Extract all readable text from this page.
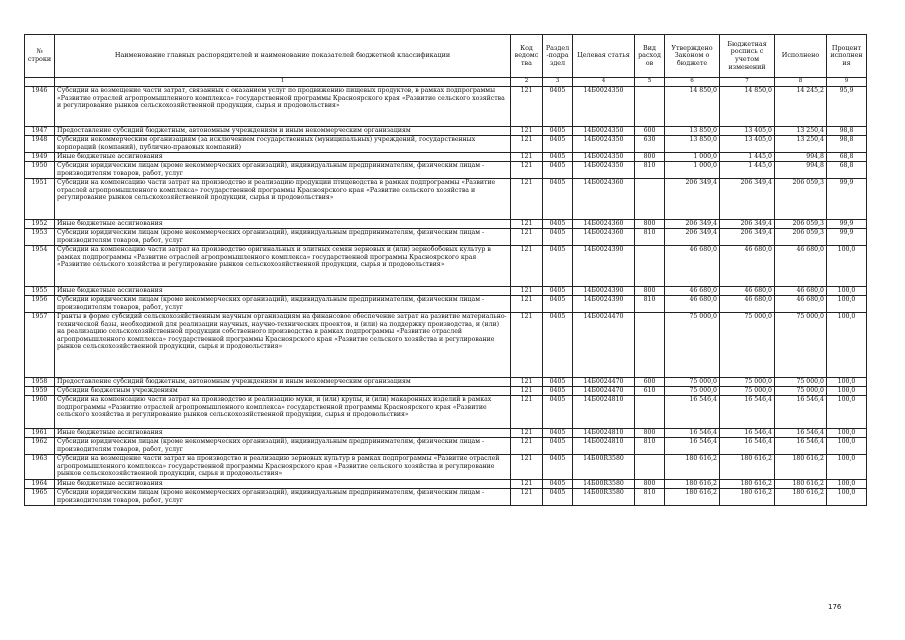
№ строки	Наименование главных распорядителей и наименование показателей бюджетной классификации	Код ведомства	Раздел-подраздел	Целевая статья	Вид расходов	Утверждено Законом о бюджете	Бюджетная роспись с учетом изменений	Исполнено	Процент исполнения
	1	2	3	4	5	6	7	8	9
1946	Субсидии на возмещение части затрат, связанных с оказанием услуг по продвижению пищевых продуктов, в рамках подпрограммы «Развитие отраслей агропромышленного комплекса» государственной программы Красноярского края «Развитие сельского хозяйства и регулирование рынков сельскохозяйственной продукции, сырья и продовольствия»	121	0405	14Б0024350		14 850,0	14 850,0	14 245,2	95,9
1947	Предоставление субсидий бюджетным, автономным учреждениям и иным некоммерческим организациям	121	0405	14Б0024350	600	13 850,0	13 405,0	13 250,4	98,8
1948	Субсидии некоммерческим организациям (за исключением государственных (муниципальных) учреждений, государственных корпораций (компаний), публично-правовых компаний)	121	0405	14Б0024350	630	13 850,0	13 405,0	13 250,4	98,8
1949	Иные бюджетные ассигнования	121	0405	14Б0024350	800	1 000,0	1 445,0	994,8	68,8
1950	Субсидии юридическим лицам (кроме некоммерческих организаций), индивидуальным предпринимателям, физическим лицам - производителям товаров, работ, услуг	121	0405	14Б0024350	810	1 000,0	1 445,0	994,8	68,8
1951	Субсидии на компенсацию части затрат на производство и реализацию продукции птицеводства в рамках подпрограммы «Развитие отраслей агропромышленного комплекса» государственной программы Красноярского края «Развитие сельского хозяйства и регулирование рынков сельскохозяйственной продукции, сырья и продовольствия»	121	0405	14Б0024360		206 349,4	206 349,4	206 059,3	99,9
1952	Иные бюджетные ассигнования	121	0405	14Б0024360	800	206 349,4	206 349,4	206 059,3	99,9
1953	Субсидии юридическим лицам (кроме некоммерческих организаций), индивидуальным предпринимателям, физическим лицам - производителям товаров, работ, услуг	121	0405	14Б0024360	810	206 349,4	206 349,4	206 059,3	99,9
1954	Субсидии на компенсацию части затрат на производство оригинальных и элитных семян зерновых и (или) зернобобовых культур в рамках подпрограммы «Развитие отраслей агропромышленного комплекса» государственной программы Красноярского края «Развитие сельского хозяйства и регулирование рынков сельскохозяйственной продукции, сырья и продовольствия»	121	0405	14Б0024390		46 680,0	46 680,0	46 680,0	100,0
1955	Иные бюджетные ассигнования	121	0405	14Б0024390	800	46 680,0	46 680,0	46 680,0	100,0
1956	Субсидии юридическим лицам (кроме некоммерческих организаций), индивидуальным предпринимателям, физическим лицам - производителям товаров, работ, услуг	121	0405	14Б0024390	810	46 680,0	46 680,0	46 680,0	100,0
1957	Гранты в форме субсидий сельскохозяйственным научным организациям на финансовое обеспечение затрат на развитие материально-технической базы, необходимой для реализации научных, научно-технических проектов, и (или) на поддержку производства, и (или) на реализацию сельскохозяйственной продукции собственного производства в рамках подпрограммы «Развитие отраслей агропромышленного комплекса» государственной программы Красноярского края «Развитие сельского хозяйства и регулирование рынков сельскохозяйственной продукции, сырья и продовольствия»	121	0405	14Б0024470		75 000,0	75 000,0	75 000,0	100,0
1958	Предоставление субсидий бюджетным, автономным учреждениям и иным некоммерческим организациям	121	0405	14Б0024470	600	75 000,0	75 000,0	75 000,0	100,0
1959	Субсидии бюджетным учреждениям	121	0405	14Б0024470	610	75 000,0	75 000,0	75 000,0	100,0
1960	Субсидии на компенсацию части затрат на производство и реализацию муки, и (или) крупы, и (или) макаронных изделий в рамках подпрограммы «Развитие отраслей агропромышленного комплекса» государственной программы Красноярского края «Развитие сельского хозяйства и регулирование рынков сельскохозяйственной продукции, сырья и продовольствия»	121	0405	14Б0024810		16 546,4	16 546,4	16 546,4	100,0
1961	Иные бюджетные ассигнования	121	0405	14Б0024810	800	16 546,4	16 546,4	16 546,4	100,0
1962	Субсидии юридическим лицам (кроме некоммерческих организаций), индивидуальным предпринимателям, физическим лицам - производителям товаров, работ, услуг	121	0405	14Б0024810	810	16 546,4	16 546,4	16 546,4	100,0
1963	Субсидии на возмещение части затрат на производство и реализацию зерновых культур в рамках подпрограммы «Развитие отраслей агропромышленного комплекса» государственной программы Красноярского края «Развитие сельского хозяйства и регулирование рынков сельскохозяйственной продукции, сырья и продовольствия»	121	0405	14Б00R3580		180 616,2	180 616,2	180 616,2	100,0
1964	Иные бюджетные ассигнования	121	0405	14Б00R3580	800	180 616,2	180 616,2	180 616,2	100,0
1965	Субсидии юридическим лицам (кроме некоммерческих организаций), индивидуальным предпринимателям, физическим лицам - производителям товаров, работ, услуг	121	0405	14Б00R3580	810	180 616,2	180 616,2	180 616,2	100,0
176
